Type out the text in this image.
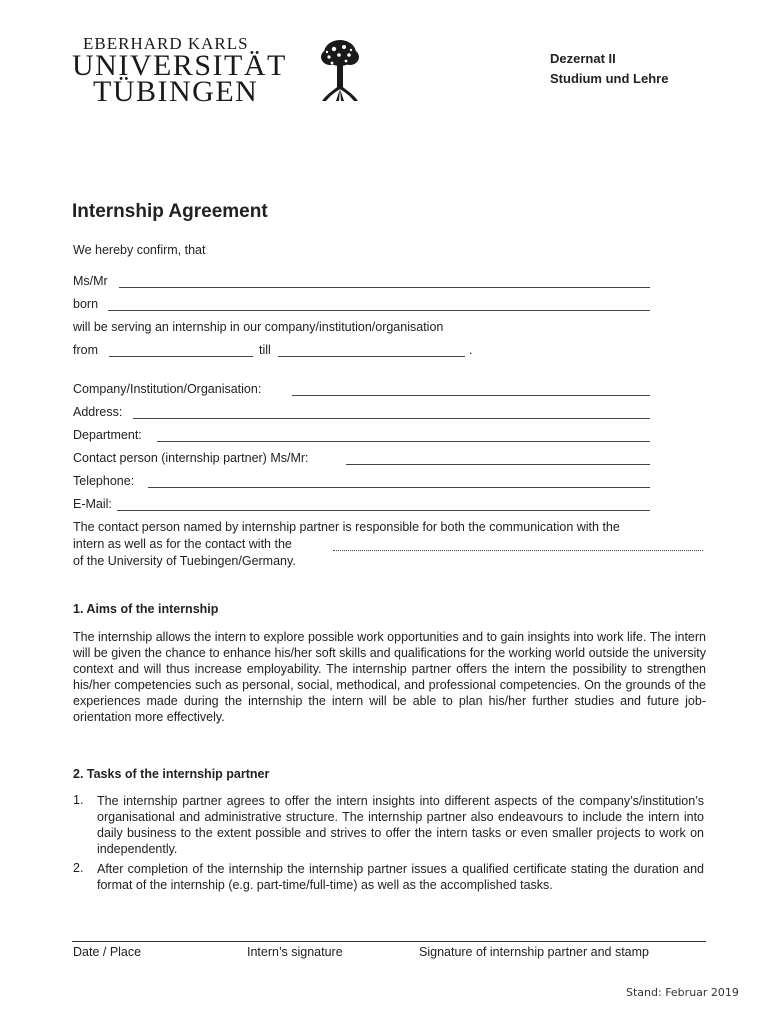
EBERHARD KARLS
UNIVERSITÄT
TÜBINGEN
Dezernat II
Studium und Lehre
Internship Agreement
We hereby confirm, that
Ms/Mr
born
will be serving an internship in our company/institution/organisation
from	till	.
Company/Institution/Organisation:
Address:
Department:
Contact person (internship partner) Ms/Mr:
Telephone:
E-Mail:
The contact person named by internship partner is responsible for both the communication with the
intern as well as for the contact with the
of the University of Tuebingen/Germany.
1. Aims of the internship
The internship allows the intern to explore possible work opportunities and to gain insights into work life. The intern will be given the chance to enhance his/her soft skills and qualifications for the working world outside the university context and will thus increase employability. The internship partner offers the intern the possibility to strengthen his/her competencies such as personal, social, methodical, and professional competencies. On the grounds of the experiences made during the internship the intern will be able to plan his/her further studies and future job-orientation more effectively.
2. Tasks of the internship partner
1. The internship partner agrees to offer the intern insights into different aspects of the company’s/institution’s organisational and administrative structure. The internship partner also endeavours to include the intern into daily business to the extent possible and strives to offer the intern tasks or even smaller projects to work on independently.
2. After completion of the internship the internship partner issues a qualified certificate stating the duration and format of the internship (e.g. part-time/full-time) as well as the accomplished tasks.
Date / Place	Intern’s signature	Signature of internship partner and stamp
Stand: Februar 2019
